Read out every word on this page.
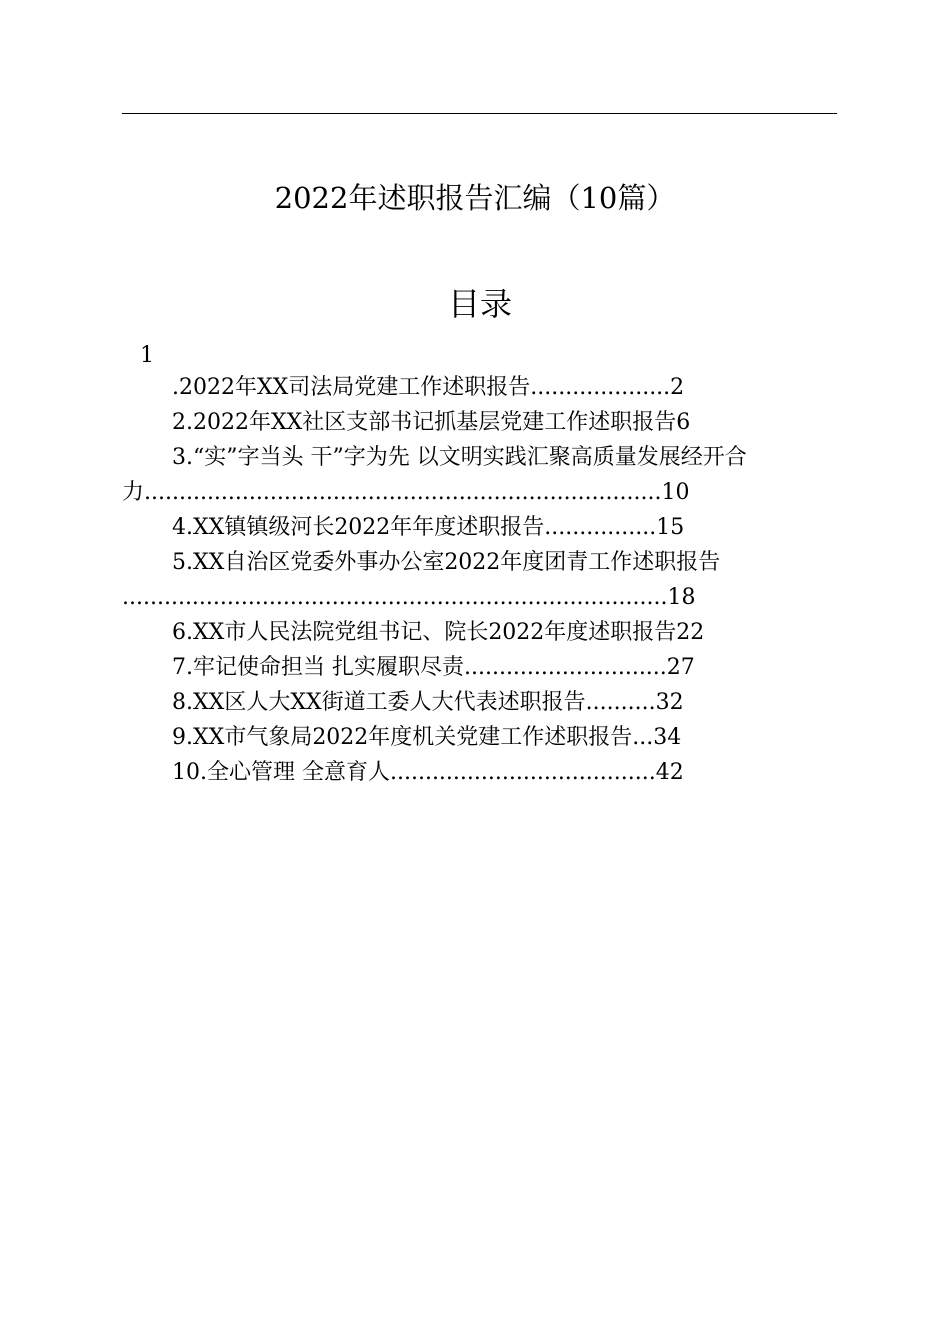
2022年述职报告汇编（10篇）
目录
1
.2022年XX司法局党建工作述职报告....................2
2.2022年XX社区支部书记抓基层党建工作述职报告6
3.“实”字当头 干”字为先 以文明实践汇聚高质量发展经开合
力..........................................................................10
4.XX镇镇级河长2022年年度述职报告................15
5.XX自治区党委外事办公室2022年度团青工作述职报告
..............................................................................18
6.XX市人民法院党组书记、院长2022年度述职报告22
7.牢记使命担当 扎实履职尽责.............................27
8.XX区人大XX街道工委人大代表述职报告..........32
9.XX市气象局2022年度机关党建工作述职报告...34
10.全心管理 全意育人......................................42
